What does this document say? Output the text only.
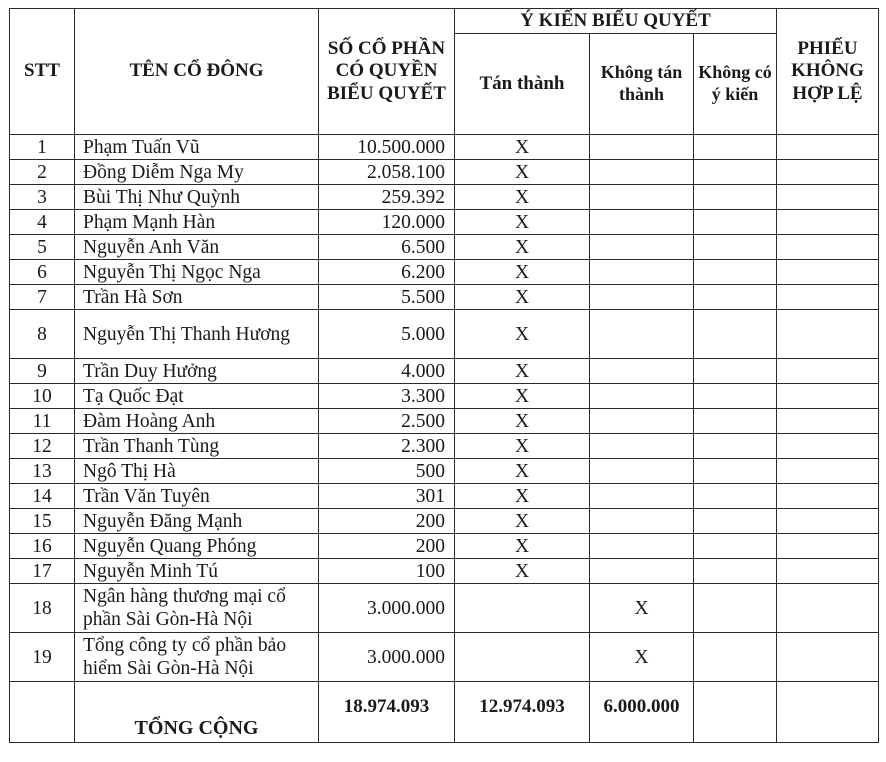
STT	TÊN CỔ ĐÔNG	SỐ CỔ PHẦN CÓ QUYỀN BIỂU QUYẾT	Ý KIẾN BIỂU QUYẾT			PHIẾU KHÔNG HỢP LỆ
			Tán thành	Không tán thành	Không có ý kiến	
1	Phạm Tuấn Vũ	10.500.000	X			
2	Đồng Diễm Nga My	2.058.100	X			
3	Bùi Thị Như Quỳnh	259.392	X			
4	Phạm Mạnh Hàn	120.000	X			
5	Nguyễn Anh Văn	6.500	X			
6	Nguyễn Thị Ngọc Nga	6.200	X			
7	Trần Hà Sơn	5.500	X			
8	Nguyễn Thị Thanh Hương	5.000	X			
9	Trần Duy Hưởng	4.000	X			
10	Tạ Quốc Đạt	3.300	X			
11	Đàm Hoàng Anh	2.500	X			
12	Trần Thanh Tùng	2.300	X			
13	Ngô Thị Hà	500	X			
14	Trần Văn Tuyên	301	X			
15	Nguyễn Đăng Mạnh	200	X			
16	Nguyễn Quang Phóng	200	X			
17	Nguyễn Minh Tú	100	X			
18	Ngân hàng thương mại cổ phần Sài Gòn-Hà Nội	3.000.000		X		
19	Tổng công ty cổ phần bảo hiểm Sài Gòn-Hà Nội	3.000.000		X		
	TỔNG CỘNG	18.974.093	12.974.093	6.000.000		
